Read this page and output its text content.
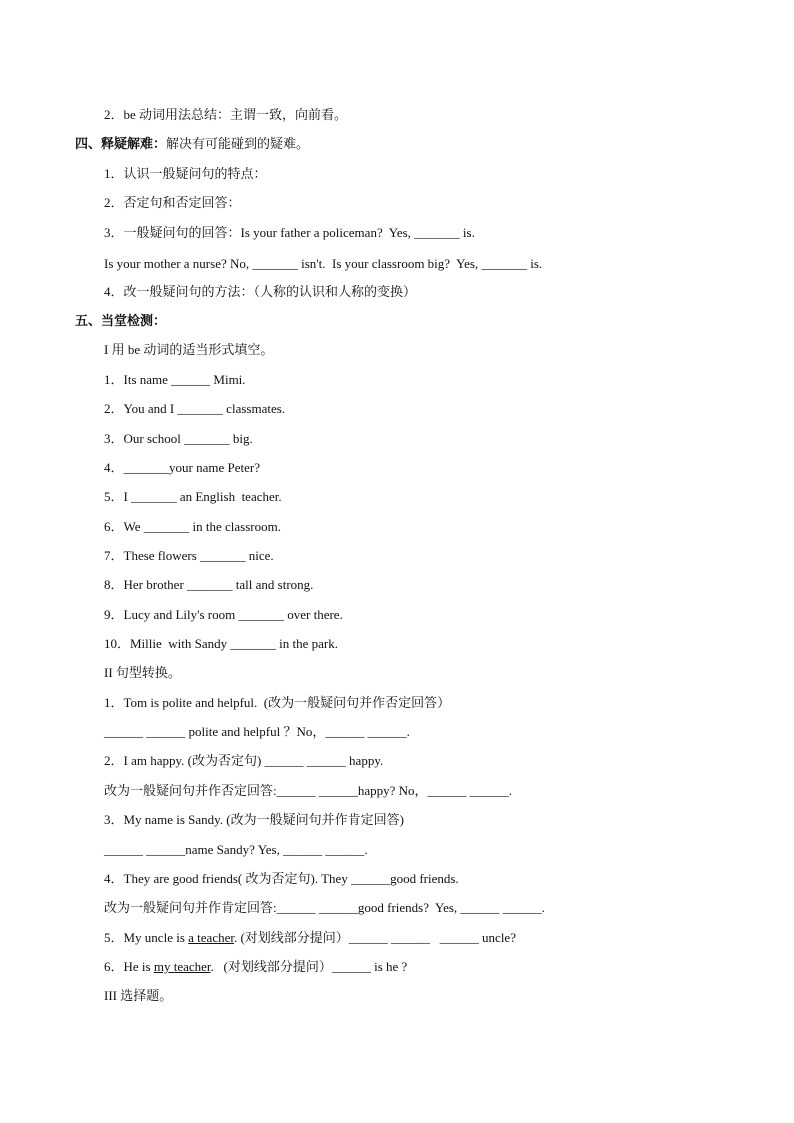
2．be 动词用法总结：主谓一致，向前看。
四、释疑解难：解决有可能碰到的疑难。
1．认识一般疑问句的特点：
2．否定句和否定回答：
3．一般疑问句的回答：Is your father a policeman?  Yes, _______ is.
Is your mother a nurse? No, _______ isn't.  Is your classroom big?  Yes, _______ is.
4．改一般疑问句的方法：（人称的认识和人称的变换）
五、当堂检测：
I 用 be 动词的适当形式填空。
1．Its name ______ Mimi.
2．You and I _______ classmates.
3．Our school _______ big.
4．_______your name Peter?
5．I _______ an English  teacher.
6．We _______ in the classroom.
7．These flowers _______ nice.
8．Her brother _______ tall and strong.
9．Lucy and Lily's room _______ over there.
10．Millie  with Sandy _______ in the park.
II 句型转换。
1．Tom is polite and helpful.  (改为一般疑问句并作否定回答）
______ ______ polite and helpful ？No，______ ______.
2．I am happy. (改为否定句) ______ ______ happy.
改为一般疑问句并作否定回答:______ ______happy? No，______ ______.
3．My name is Sandy. (改为一般疑问句并作肯定回答)
______ ______name Sandy? Yes, ______ ______.
4．They are good friends( 改为否定句). They ______good friends.
改为一般疑问句并作肯定回答:______ ______good friends?  Yes, ______ ______.
5．My uncle is a teacher. (对划线部分提问）______ ______   ______ uncle?
6．He is my teacher.   (对划线部分提问）______ is he ?
III 选择题。
